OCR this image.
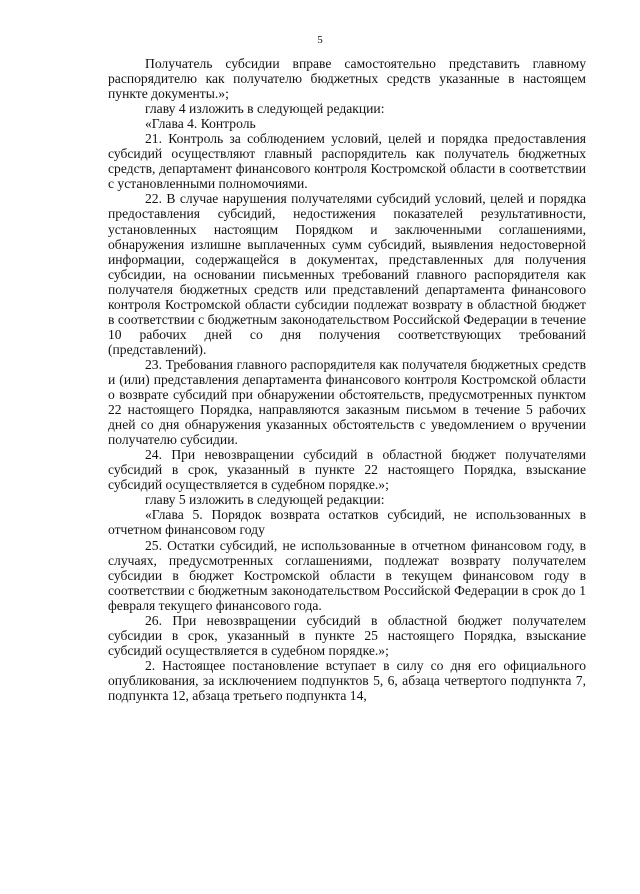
5

Получатель субсидии вправе самостоятельно представить главному распорядителю как получателю бюджетных средств указанные в настоящем пункте документы.»;

главу 4 изложить в следующей редакции:

«Глава 4. Контроль

21. Контроль за соблюдением условий, целей и порядка предоставления субсидий осуществляют главный распорядитель как получатель бюджетных средств, департамент финансового контроля Костромской области в соответствии с установленными полномочиями.

22. В случае нарушения получателями субсидий условий, целей и порядка предоставления субсидий, недостижения показателей результативности, установленных настоящим Порядком и заключенными соглашениями, обнаружения излишне выплаченных сумм субсидий, выявления недостоверной информации, содержащейся в документах, представленных для получения субсидии, на основании письменных требований главного распорядителя как получателя бюджетных средств или представлений департамента финансового контроля Костромской области субсидии подлежат возврату в областной бюджет в соответствии с бюджетным законодательством Российской Федерации в течение 10 рабочих дней со дня получения соответствующих требований (представлений).

23. Требования главного распорядителя как получателя бюджетных средств и (или) представления департамента финансового контроля Костромской области о возврате субсидий при обнаружении обстоятельств, предусмотренных пунктом 22 настоящего Порядка, направляются заказным письмом в течение 5 рабочих дней со дня обнаружения указанных обстоятельств с уведомлением о вручении получателю субсидии.

24. При невозвращении субсидий в областной бюджет получателями субсидий в срок, указанный в пункте 22 настоящего Порядка, взыскание субсидий осуществляется в судебном порядке.»;

главу 5 изложить в следующей редакции:

«Глава 5. Порядок возврата остатков субсидий, не использованных в отчетном финансовом году

25. Остатки субсидий, не использованные в отчетном финансовом году, в случаях, предусмотренных соглашениями, подлежат возврату получателем субсидии в бюджет Костромской области в текущем финансовом году в соответствии с бюджетным законодательством Российской Федерации в срок до 1 февраля текущего финансового года.

26. При невозвращении субсидий в областной бюджет получателем субсидии в срок, указанный в пункте 25 настоящего Порядка, взыскание субсидий осуществляется в судебном порядке.»;

2. Настоящее постановление вступает в силу со дня его официального опубликования, за исключением подпунктов 5, 6, абзаца четвертого подпункта 7, подпункта 12, абзаца третьего подпункта 14,
